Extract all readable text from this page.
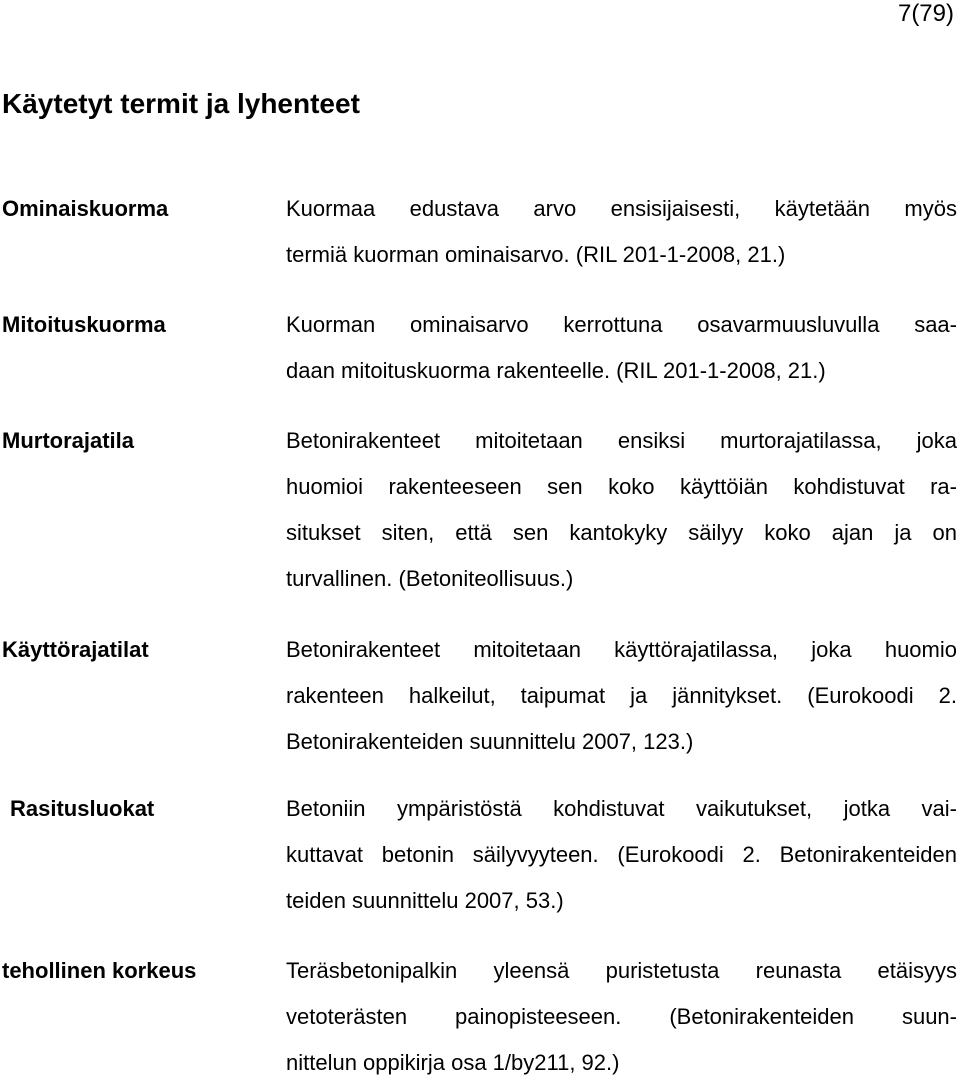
7(79)
Käytetyt termit ja lyhenteet
Ominaiskuorma	Kuormaa edustava arvo ensisijaisesti, käytetään myös
termiä kuorman ominaisarvo. (RIL 201-1-2008, 21.)
Mitoituskuorma	Kuorman ominaisarvo kerrottuna osavarmuusluvulla saa-
daan mitoituskuorma rakenteelle. (RIL 201-1-2008, 21.)
Murtorajatila	Betonirakenteet mitoitetaan ensiksi murtorajatilassa, joka
huomioi rakenteeseen sen koko käyttöiän kohdistuvat ra-
situkset siten, että sen kantokyky säilyy koko ajan ja on
turvallinen. (Betoniteollisuus.)
Käyttörajatilat	Betonirakenteet mitoitetaan käyttörajatilassa, joka huomio
rakenteen halkeilut, taipumat ja jännitykset. (Eurokoodi 2.
Betonirakenteiden suunnittelu 2007, 123.)
Rasitusluokat	Betoniin ympäristöstä kohdistuvat vaikutukset, jotka vai-
kuttavat betonin säilyvyyteen. (Eurokoodi 2. Betonirakenteiden
teiden suunnittelu 2007, 53.)
tehollinen korkeus	Teräsbetonipalkin yleensä puristetusta reunasta etäisyys
vetoterästen painopisteeseen. (Betonirakenteiden suun-
nittelun oppikirja osa 1/by211, 92.)
